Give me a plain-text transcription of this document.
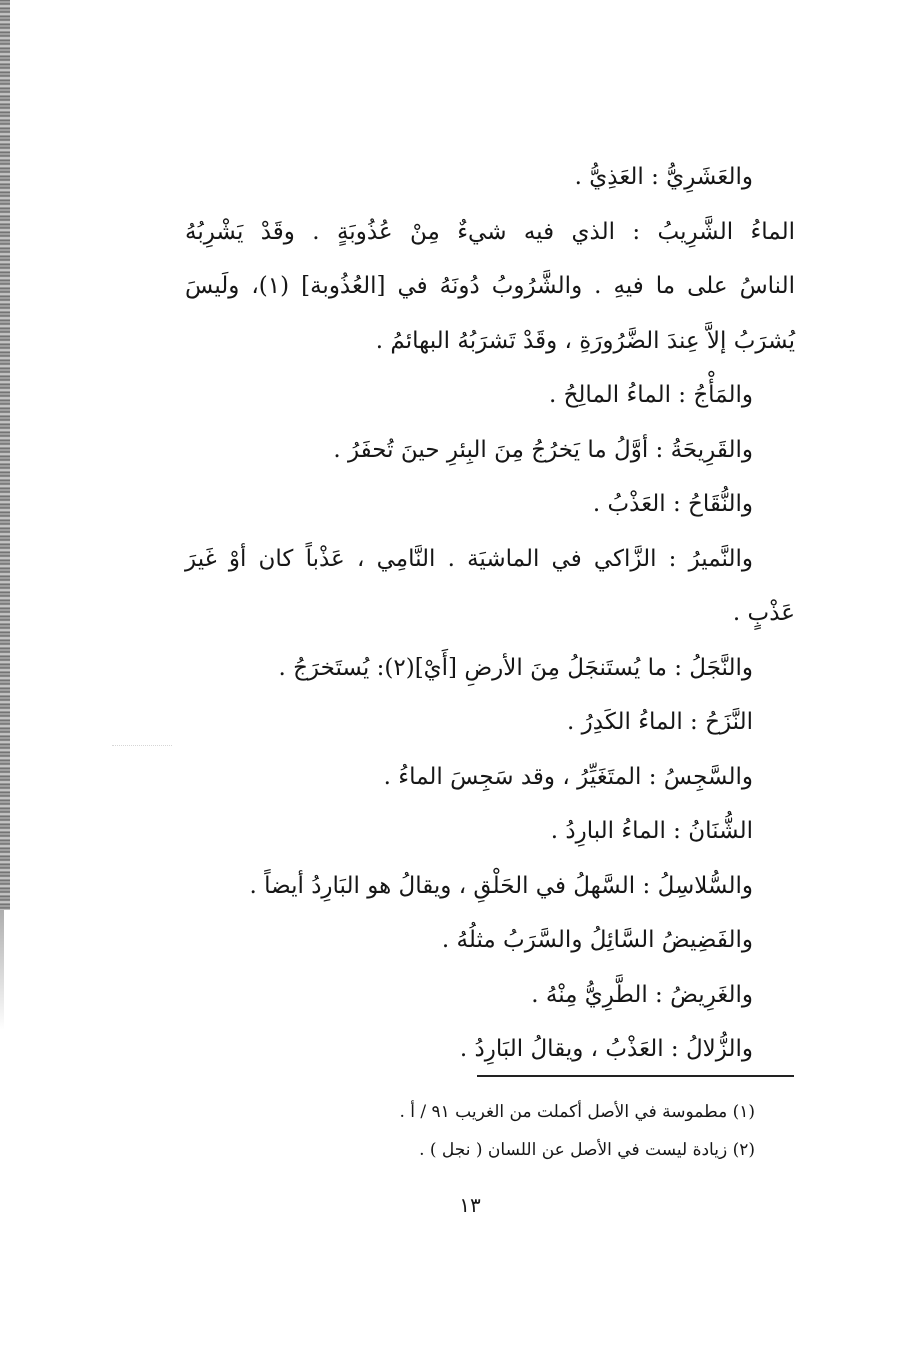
والعَشَرِيُّ : العَذِيُّ .
الماءُ الشَّرِيبُ : الذي فيه شيءٌ مِنْ عُذُوبَةٍ . وقَدْ يَشْرِبُهُ
الناسُ على ما فيهِ . والشَّرُوبُ دُونَهُ في [العُذُوبة] (١)، ولَيسَ
يُشرَبُ إلاَّ عِندَ الضَّرُورَةِ ، وقَدْ تَشرَبُهُ البهائمُ .
والمَأْجُ : الماءُ المالِحُ .
والقَرِيحَةُ : أوَّلُ ما يَخرُجُ مِنَ البِئرِ حينَ تُحفَرُ .
والنُّقَاحُ : العَذْبُ .
والنَّميرُ : الزَّاكي في الماشيَة . النَّامِي ، عَذْباً كان أوْ غَيرَ
عَذْبٍ .
والنَّجَلُ : ما يُستَنجَلُ مِنَ الأرضِ [أَيْ](٢): يُستَخرَجُ .
النَّزَحُ : الماءُ الكَدِرُ .
والسَّجِسُ : المتَغَيِّرُ ، وقد سَجِسَ الماءُ .
الشُّنَانُ : الماءُ البارِدُ .
والسُّلاسِلُ : السَّهلُ في الحَلْقِ ، ويقالُ هو البَارِدُ أيضاً .
والفَضِيضُ السَّائِلُ والسَّرَبُ مثلُهُ .
والغَرِيضُ : الطَّرِيُّ مِنْهُ .
والزُّلالُ : العَذْبُ ، ويقالُ البَارِدُ .
(١) مطموسة في الأصل أكملت من الغريب ٩١ / أ .
(٢) زيادة ليست في الأصل عن اللسان ( نجل ) .
١٣
